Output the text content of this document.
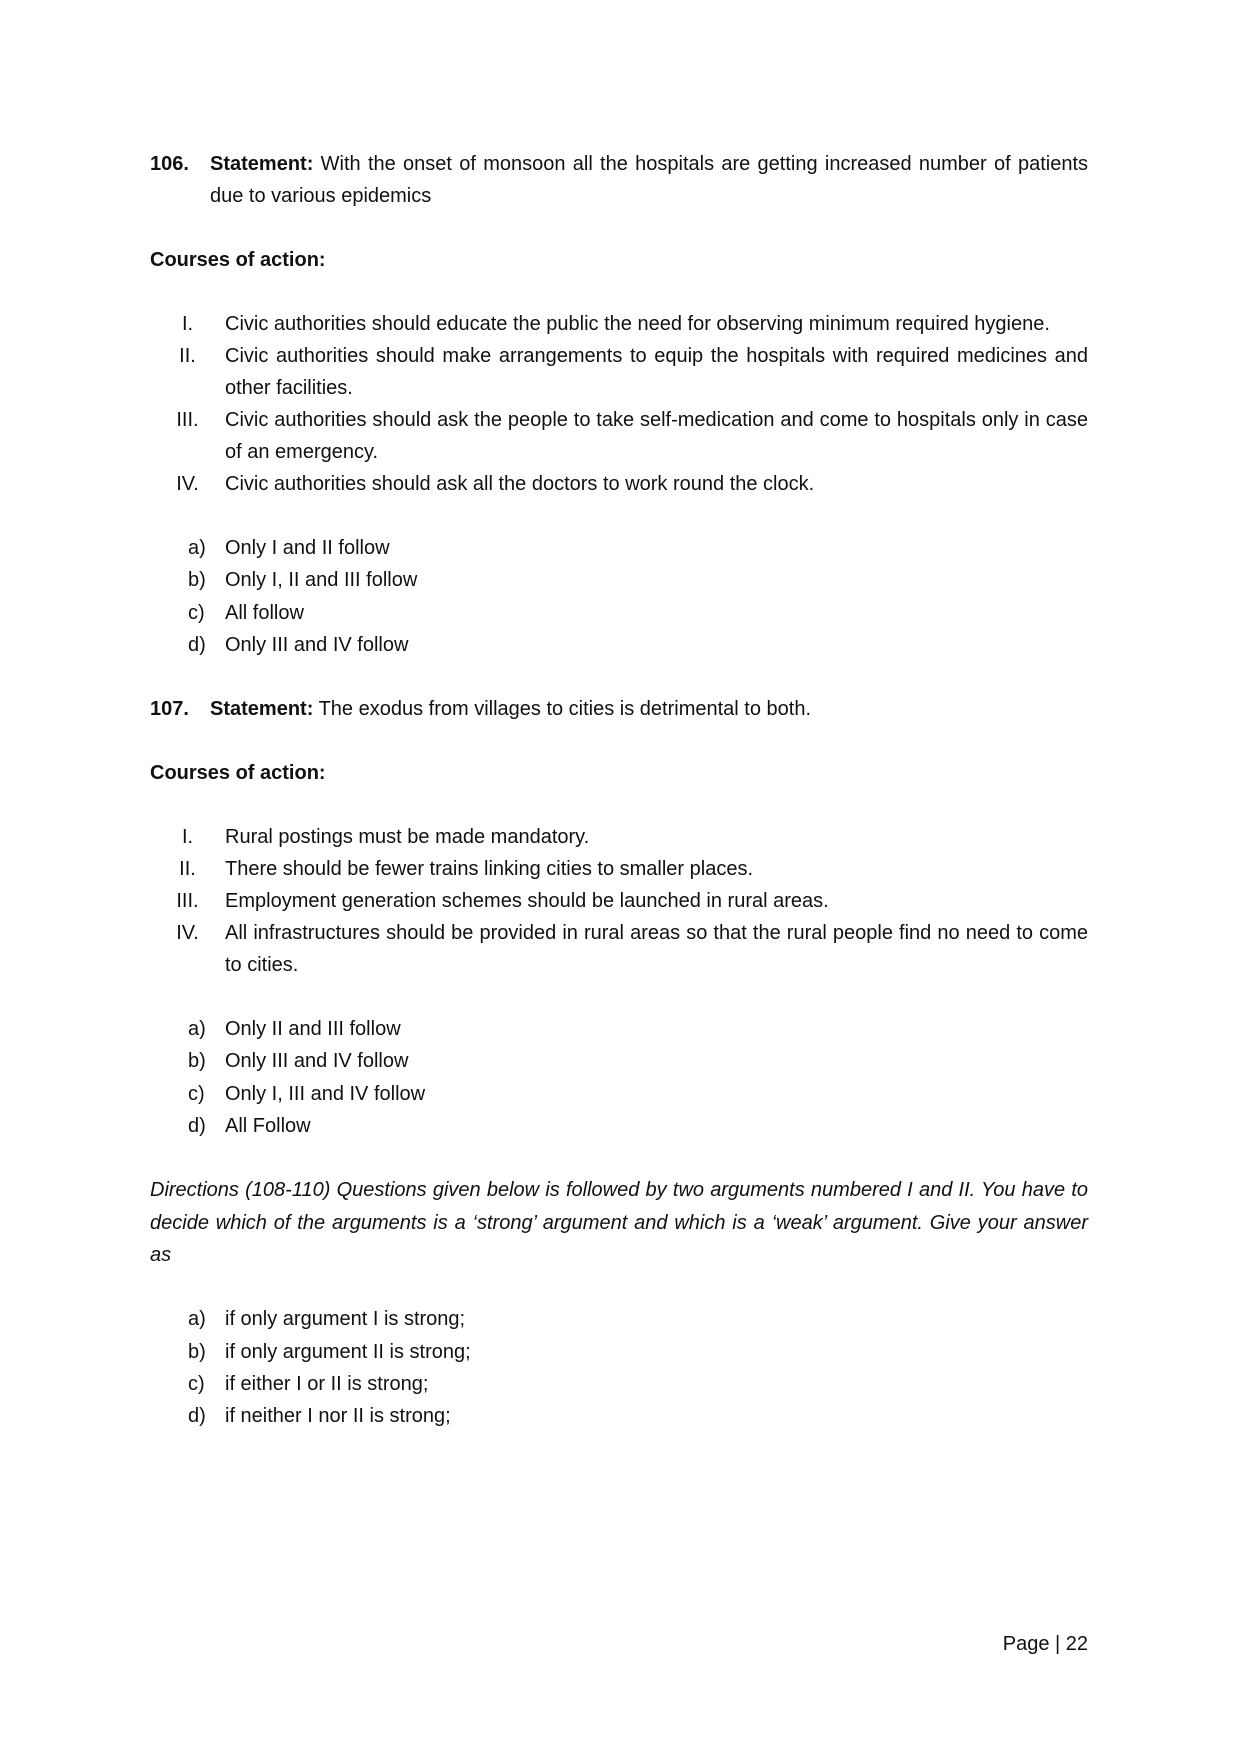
106.	Statement: With the onset of monsoon all the hospitals are getting increased number of patients due to various epidemics

Courses of action:

I.	Civic authorities should educate the public the need for observing minimum required hygiene.
II.	Civic authorities should make arrangements to equip the hospitals with required medicines and other facilities.
III.	Civic authorities should ask the people to take self-medication and come to hospitals only in case of an emergency.
IV.	Civic authorities should ask all the doctors to work round the clock.
a) Only I and II follow
b) Only I, II and III follow
c)	All follow
d) Only III and IV follow
107.	Statement: The exodus from villages to cities is detrimental to both.

Courses of action:

I.	Rural postings must be made mandatory.
II.	There should be fewer trains linking cities to smaller places.
III.	Employment generation schemes should be launched in rural areas.
IV.	All infrastructures should be provided in rural areas so that the rural people find no need to come to cities.
a) Only II and III follow
b) Only III and IV follow
c)	Only I, III and IV follow
d) All Follow

Directions (108-110) Questions given below is followed by two arguments numbered I and II. You have to decide which of the arguments is a ‘strong’ argument and which is a ‘weak’ argument. Give your answer as

a) if only argument I is strong;
b) if only argument II is strong;
c)	if either I or II is strong;
d) if neither I nor II is strong;
Page | 22
